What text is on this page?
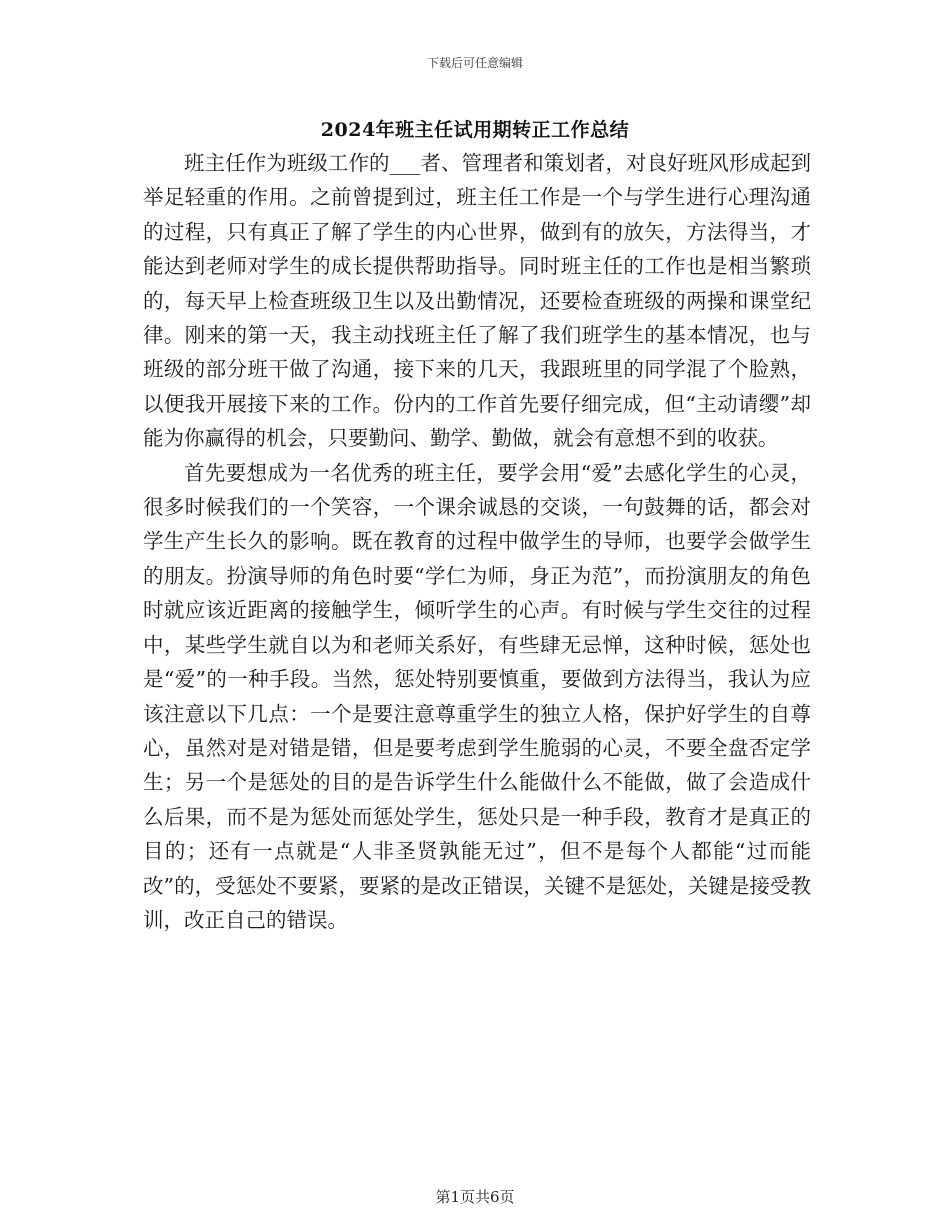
下载后可任意编辑
2024年班主任试用期转正工作总结

班主任作为班级工作的___者、管理者和策划者，对良好班风形成起到举足轻重的作用。之前曾提到过，班主任工作是一个与学生进行心理沟通的过程，只有真正了解了学生的内心世界，做到有的放矢，方法得当，才能达到老师对学生的成长提供帮助指导。同时班主任的工作也是相当繁琐的，每天早上检查班级卫生以及出勤情况，还要检查班级的两操和课堂纪律。刚来的第一天，我主动找班主任了解了我们班学生的基本情况，也与班级的部分班干做了沟通，接下来的几天，我跟班里的同学混了个脸熟，以便我开展接下来的工作。份内的工作首先要仔细完成，但“主动请缨”却能为你赢得的机会，只要勤问、勤学、勤做，就会有意想不到的收获。

首先要想成为一名优秀的班主任，要学会用“爱”去感化学生的心灵，很多时候我们的一个笑容，一个课余诚恳的交谈，一句鼓舞的话，都会对学生产生长久的影响。既在教育的过程中做学生的导师，也要学会做学生的朋友。扮演导师的角色时要“学仁为师，身正为范”，而扮演朋友的角色时就应该近距离的接触学生，倾听学生的心声。有时候与学生交往的过程中，某些学生就自以为和老师关系好，有些肆无忌惮，这种时候，惩处也是“爱”的一种手段。当然，惩处特别要慎重，要做到方法得当，我认为应该注意以下几点：一个是要注意尊重学生的独立人格，保护好学生的自尊心，虽然对是对错是错，但是要考虑到学生脆弱的心灵，不要全盘否定学生；另一个是惩处的目的是告诉学生什么能做什么不能做，做了会造成什么后果，而不是为惩处而惩处学生，惩处只是一种手段，教育才是真正的目的；还有一点就是“人非圣贤孰能无过”，但不是每个人都能“过而能改”的，受惩处不要紧，要紧的是改正错误，关键不是惩处，关键是接受教训，改正自己的错误。

第1页共6页
